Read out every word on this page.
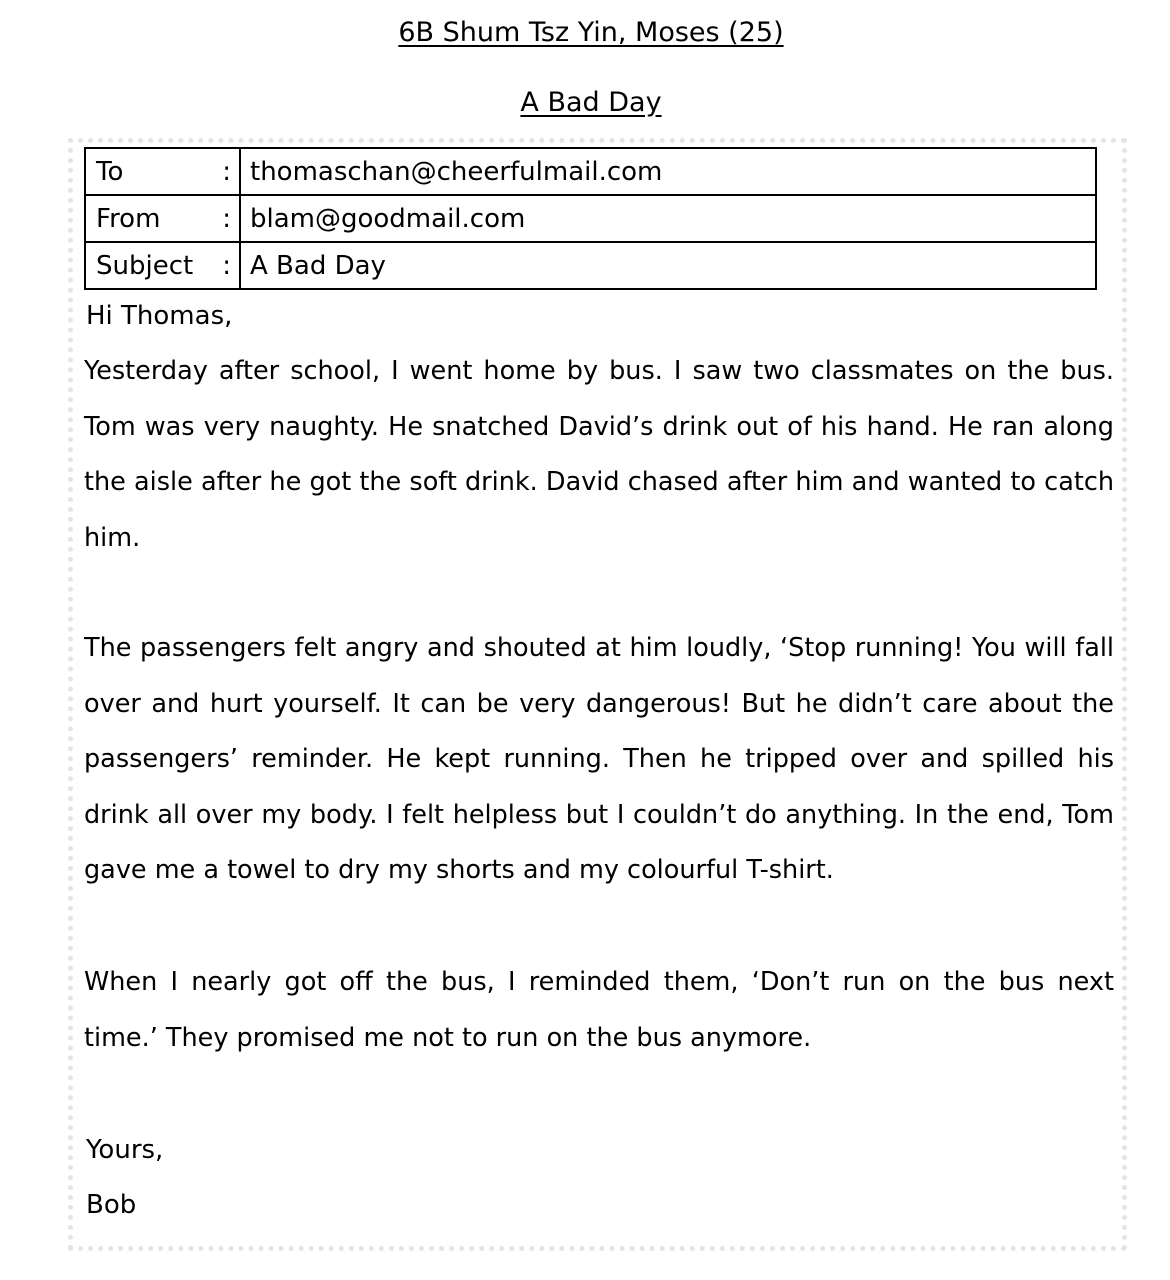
6B Shum Tsz Yin, Moses (25)
A Bad Day
To :	thomaschan@cheerfulmail.com
From :	blam@goodmail.com
Subject :	A Bad Day
Hi Thomas,
Yesterday after school, I went home by bus. I saw two classmates on the bus. Tom was very naughty. He snatched David’s drink out of his hand. He ran along the aisle after he got the soft drink. David chased after him and wanted to catch him.
The passengers felt angry and shouted at him loudly, ‘Stop running! You will fall over and hurt yourself. It can be very dangerous! But he didn’t care about the passengers’ reminder. He kept running. Then he tripped over and spilled his drink all over my body. I felt helpless but I couldn’t do anything. In the end, Tom gave me a towel to dry my shorts and my colourful T-shirt.
When I nearly got off the bus, I reminded them, ‘Don’t run on the bus next time.’ They promised me not to run on the bus anymore.
Yours,
Bob
